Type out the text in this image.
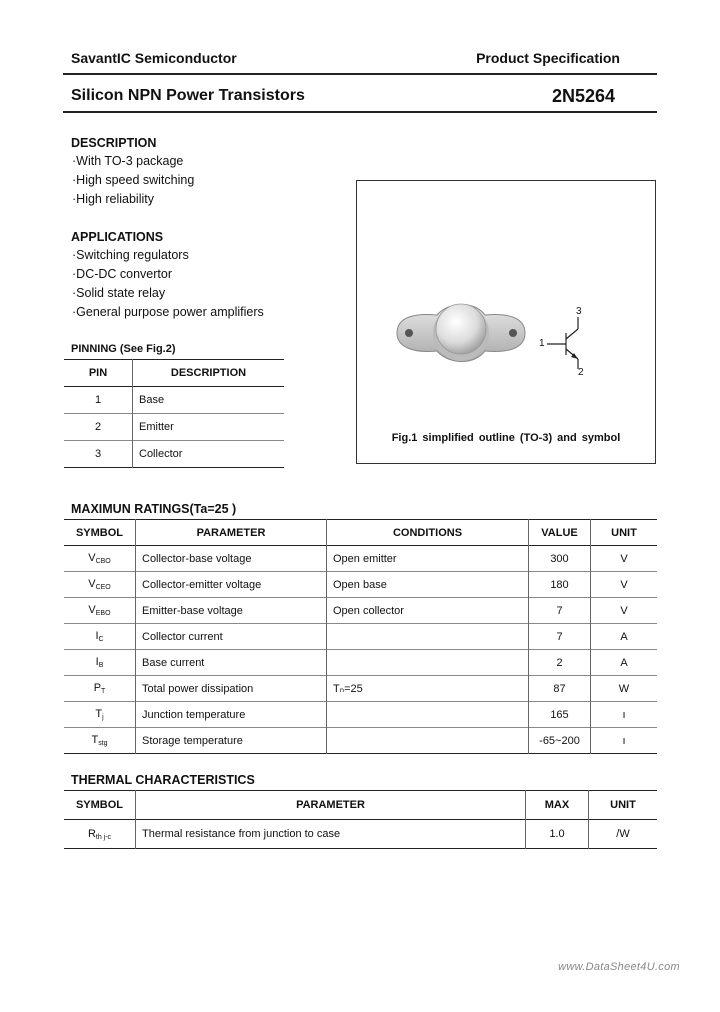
SavantIC Semiconductor	Product Specification
Silicon NPN Power Transistors	2N5264
DESCRIPTION
·With TO-3 package
·High speed switching
·High reliability
APPLICATIONS
·Switching regulators
·DC-DC convertor
·Solid state relay
·General purpose power amplifiers
PINNING (See Fig.2)
PIN	DESCRIPTION
1	Base
2	Emitter
3	Collector
1
3
2
Fig.1 simplified outline (TO-3) and symbol
MAXIMUN RATINGS(Ta=25 )
SYMBOL	PARAMETER	CONDITIONS	VALUE	UNIT
$V_{CBO}$	Collector-base voltage	Open emitter	300	V
$V_{CEO}$	Collector-emitter voltage	Open base	180	V
$V_{EBO}$	Emitter-base voltage	Open collector	7	V
$I_C$	Collector current		7	A
$I_B$	Base current		2	A
$P_T$	Total power dissipation	Tₙ=25	87	W
$T_j$	Junction temperature		165	ı
$T_{stg}$	Storage temperature		-65~200	ı
THERMAL CHARACTERISTICS
SYMBOL	PARAMETER	MAX	UNIT
$R_{th j-c}$	Thermal resistance from junction to case	1.0	/W
www.DataSheet4U.com
